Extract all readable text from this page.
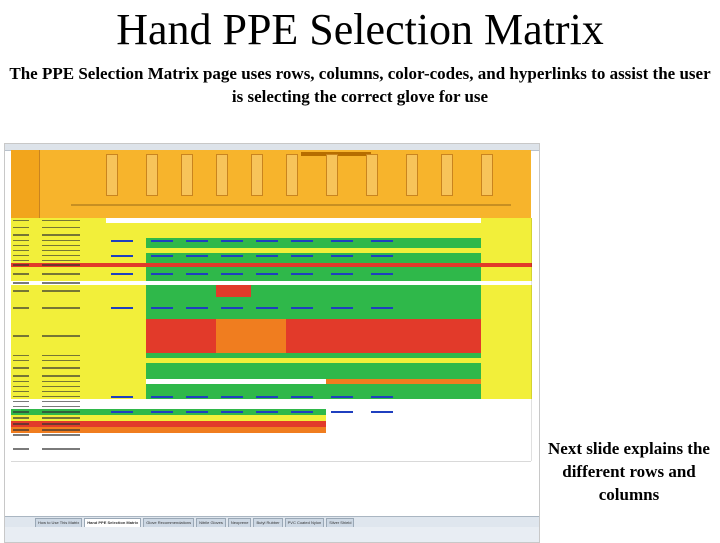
Hand PPE Selection Matrix
The PPE Selection Matrix page uses rows, columns, color-codes, and hyperlinks to assist the user is selecting the correct glove for use
How to Use This Matrix	Hand PPE Selection Matrix	Glove Recommendations	Nitrile Gloves	Neoprene	Butyl Rubber	PVC Coated Nylon	Silver Shield
Next slide explains the different rows and columns
